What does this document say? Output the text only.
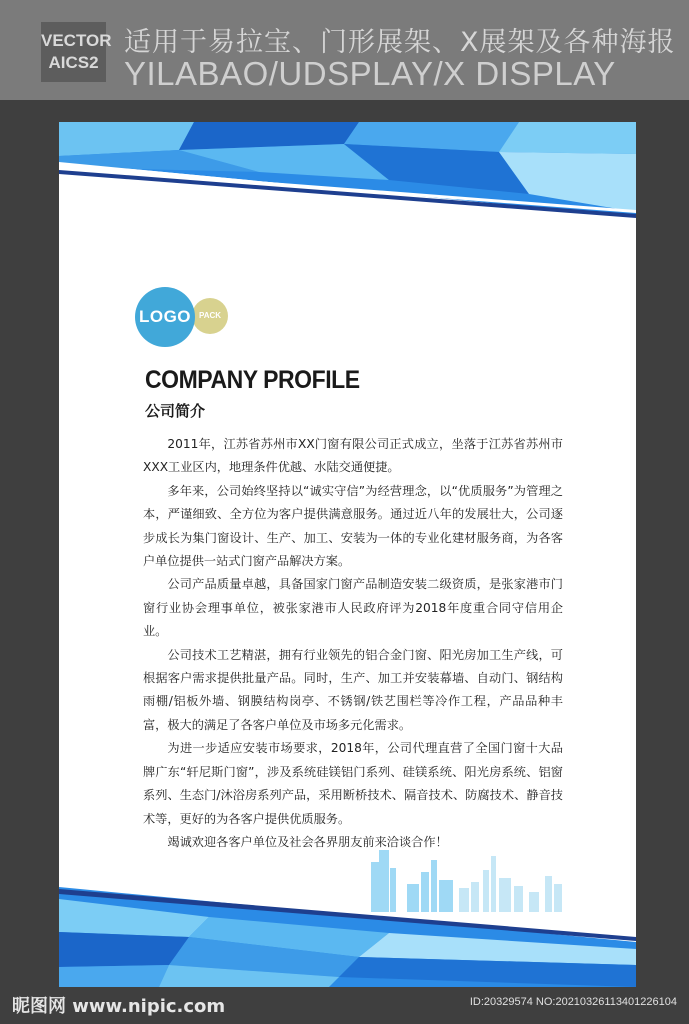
VECTOR
AICS2
适用于易拉宝、门形展架、X展架及各种海报
YILABAO/UDSPLAY/X DISPLAY
PACK
LOGO
COMPANY PROFILE
公司简介

2011年，江苏省苏州市XX门窗有限公司正式成立，坐落于江苏省苏州市XXX工业区内，地理条件优越、水陆交通便捷。

多年来，公司始终坚持以“诚实守信”为经营理念，以“优质服务”为管理之本，严谨细致、全方位为客户提供满意服务。通过近八年的发展壮大，公司逐步成长为集门窗设计、生产、加工、安装为一体的专业化建材服务商，为各客户单位提供一站式门窗产品解决方案。

公司产品质量卓越，具备国家门窗产品制造安装二级资质，是张家港市门窗行业协会理事单位，被张家港市人民政府评为2018年度重合同守信用企业。

公司技术工艺精湛，拥有行业领先的铝合金门窗、阳光房加工生产线，可根据客户需求提供批量产品。同时，生产、加工并安装幕墙、自动门、钢结构雨棚/铝板外墙、钢膜结构岗亭、不锈钢/铁艺围栏等冷作工程，产品品种丰富，极大的满足了各客户单位及市场多元化需求。

为进一步适应安装市场要求，2018年，公司代理直营了全国门窗十大品牌广东“轩尼斯门窗”，涉及系统硅镁铝门系列、硅镁系统、阳光房系统、铝窗系列、生态门/沐浴房系列产品，采用断桥技术、隔音技术、防腐技术、静音技术等，更好的为各客户提供优质服务。

竭诚欢迎各客户单位及社会各界朋友前来洽谈合作！

昵图网 www.nipic.com	ID:20329574 NO:20210326113401226104
